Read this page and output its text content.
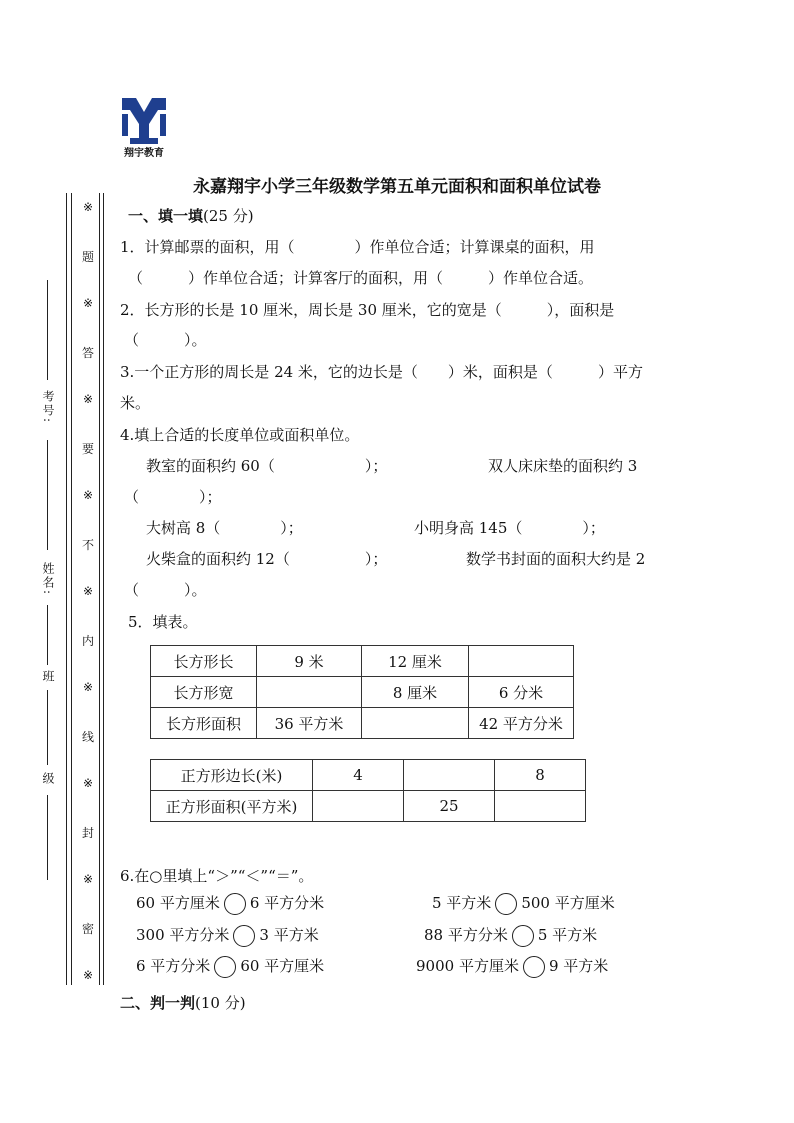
翔宇教育
永嘉翔宇小学三年级数学第五单元面积和面积单位试卷
※
题
※
答
※
要
※
不
※
内
※
线
※
封
※
密
※
考号:
姓名:
班
级
一、填一填(25 分)
1．计算邮票的面积，用（　　　　）作单位合适；计算课桌的面积，用
（　　　）作单位合适；计算客厅的面积，用（　　　）作单位合适。
2．长方形的长是 10 厘米，周长是 30 厘米，它的宽是（　　　），面积是
（　　　）。
3.一个正方形的周长是 24 米，它的边长是（　　）米，面积是（　　　）平方
米。
4.填上合适的长度单位或面积单位。
教室的面积约 60（　　　　　　）；	双人床床垫的面积约 3
（　　　　）；
大树高 8（　　　　）；	小明身高 145（　　　　）；
火柴盒的面积约 12（　　　　　）；	数学书封面的面积大约是 2
（　　　）。
5．填表。
长方形长	9 米	12 厘米	
长方形宽		8 厘米	6 分米
长方形面积	36 平方米		42 平方分米
正方形边长(米)	4		8
正方形面积(平方米)		25	
6.在○里填上“＞”“＜”“＝”。
60 平方厘米 6 平方分米	5 平方米 500 平方厘米
300 平方分米 3 平方米	88 平方分米 5 平方米
6 平方分米 60 平方厘米	9000 平方厘米 9 平方米
二、判一判(10 分)
